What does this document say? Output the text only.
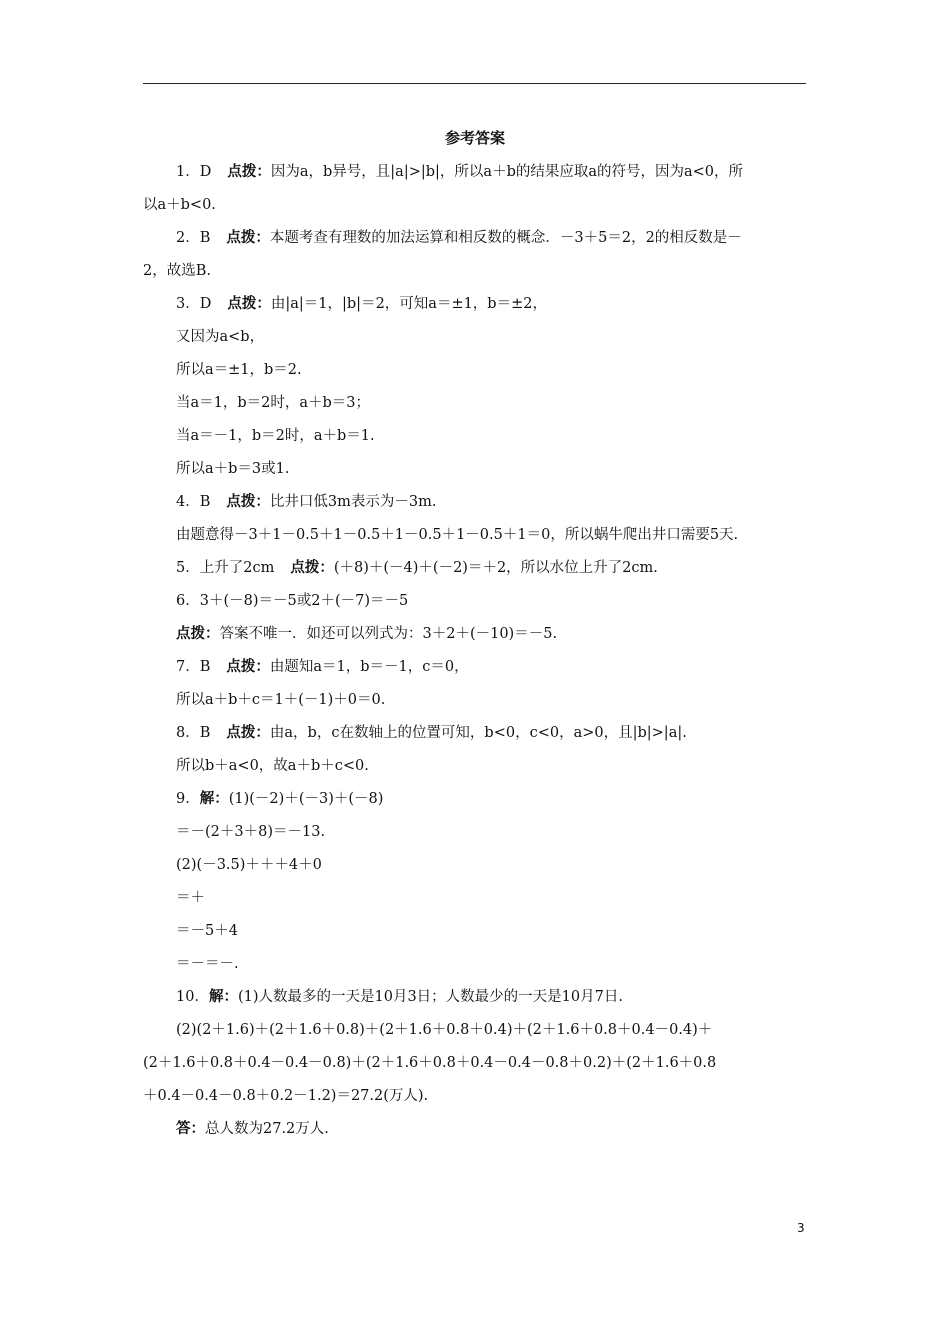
参考答案
1．D 点拨：因为a，b异号，且|a|>|b|，所以a＋b的结果应取a的符号，因为a<0，所
以a＋b<0.
2．B 点拨：本题考查有理数的加法运算和相反数的概念．－3＋5＝2，2的相反数是－
2，故选B.
3．D 点拨：由|a|＝1，|b|＝2，可知a＝±1，b＝±2，
又因为a<b，
所以a＝±1，b＝2.
当a＝1，b＝2时，a＋b＝3；
当a＝－1，b＝2时，a＋b＝1.
所以a＋b＝3或1.
4．B 点拨：比井口低3m表示为－3m.
由题意得－3＋1－0.5＋1－0.5＋1－0.5＋1－0.5＋1＝0，所以蜗牛爬出井口需要5天.
5．上升了2cm 点拨：(＋8)＋(－4)＋(－2)＝＋2，所以水位上升了2cm.
6．3＋(－8)＝－5或2＋(－7)＝－5
点拨：答案不唯一．如还可以列式为：3＋2＋(－10)＝－5.
7．B 点拨：由题知a＝1，b＝－1，c＝0，
所以a＋b＋c＝1＋(－1)＋0＝0.
8．B 点拨：由a，b，c在数轴上的位置可知，b<0，c<0，a>0，且|b|>|a|.
所以b＋a<0，故a＋b＋c<0.
9．解：(1)(－2)＋(－3)＋(－8)
＝－(2＋3＋8)＝－13.
(2)(－3.5)＋＋＋4＋0
＝＋
＝－5＋4
＝－＝－.
10．解：(1)人数最多的一天是10月3日；人数最少的一天是10月7日.
(2)(2＋1.6)＋(2＋1.6＋0.8)＋(2＋1.6＋0.8＋0.4)＋(2＋1.6＋0.8＋0.4－0.4)＋
(2＋1.6＋0.8＋0.4－0.4－0.8)＋(2＋1.6＋0.8＋0.4－0.4－0.8＋0.2)＋(2＋1.6＋0.8
＋0.4－0.4－0.8＋0.2－1.2)＝27.2(万人).
答：总人数为27.2万人.
3
